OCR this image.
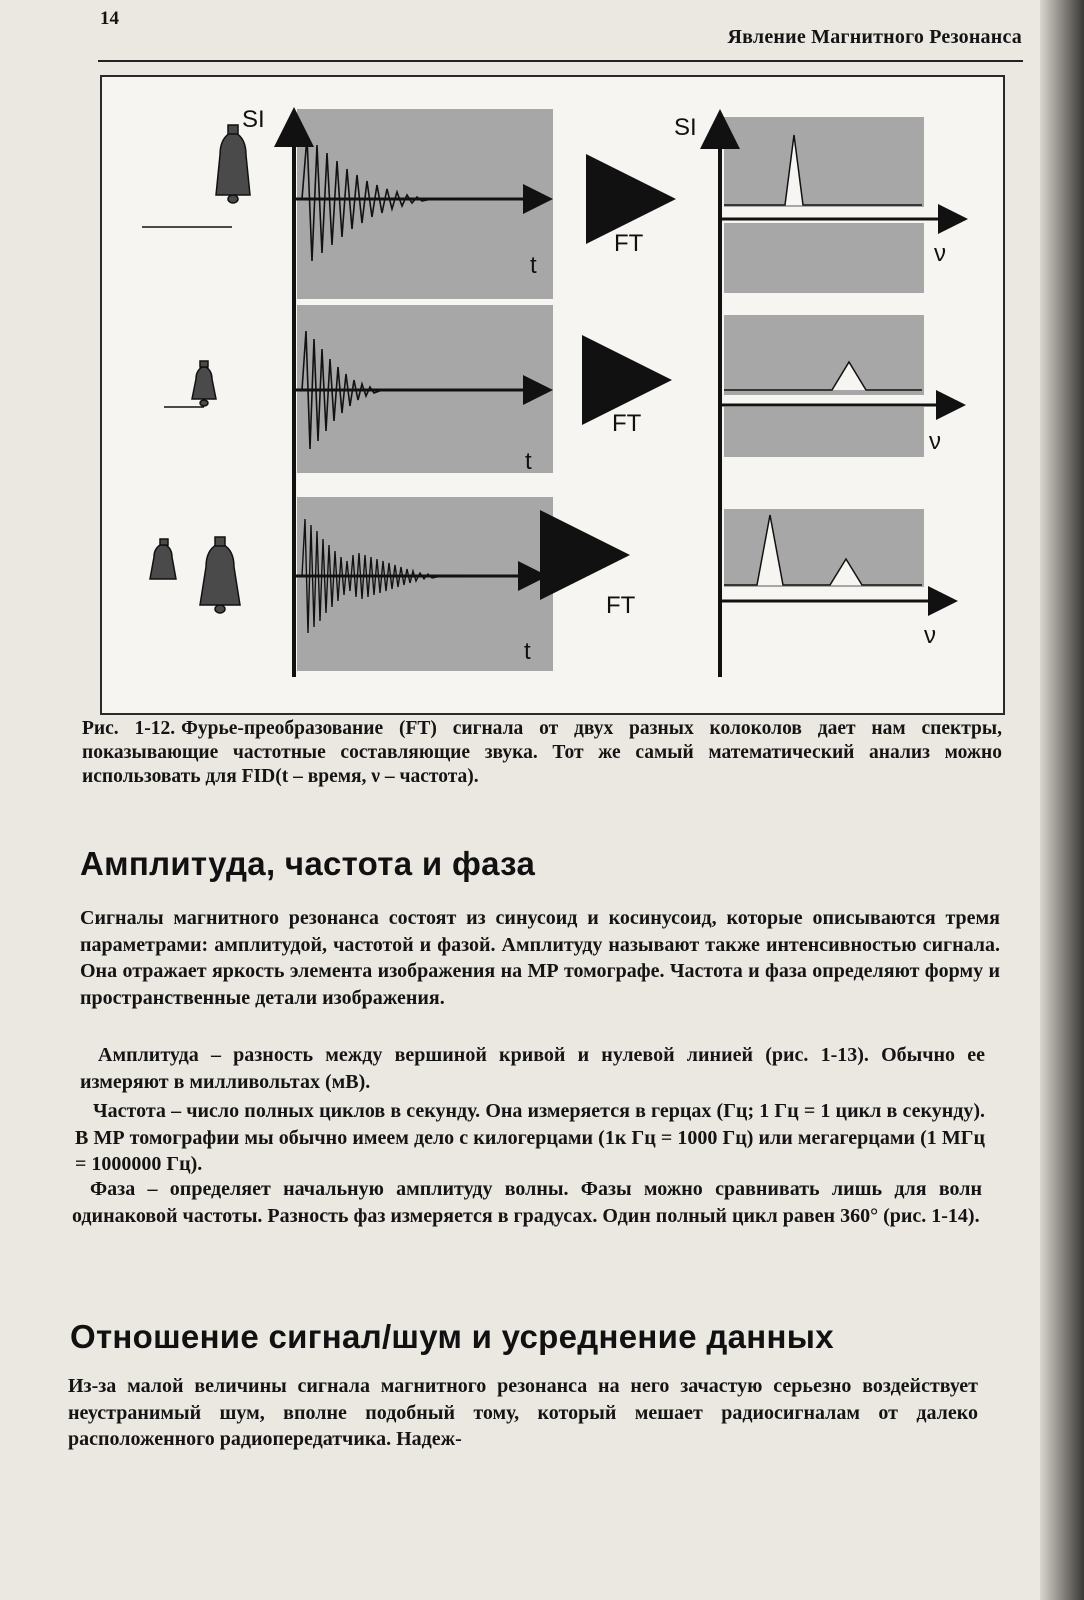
14
Явление Магнитного Резонанса
SI
t
t
t
FT
FT
FT
SI
ν
ν
ν
Рис. 1-12. Фурье-преобразование (FT) сигнала от двух разных колоколов дает нам спектры, показывающие частотные составляющие звука. Тот же самый математический анализ можно использовать для FID(t – время, ν – частота).
Амплитуда, частота и фаза

Сигналы магнитного резонанса состоят из синусоид и косинусоид, которые описываются тремя параметрами: амплитудой, частотой и фазой. Амплитуду называют также интенсивностью сигнала. Она отражает яркость элемента изображения на МР томографе. Частота и фаза определяют форму и пространственные детали изображения.

Амплитуда – разность между вершиной кривой и нулевой линией (рис. 1-13). Обычно ее измеряют в милливольтах (мВ).

Частота – число полных циклов в секунду. Она измеряется в герцах (Гц; 1 Гц = 1 цикл в секунду). В МР томографии мы обычно имеем дело с килогерцами (1к Гц = 1000 Гц) или мегагерцами (1 МГц = 1000000 Гц).

Фаза – определяет начальную амплитуду волны. Фазы можно сравнивать лишь для волн одинаковой частоты. Разность фаз измеряется в градусах. Один полный цикл равен 360° (рис. 1-14).

Отношение сигнал/шум и усреднение данных

Из-за малой величины сигнала магнитного резонанса на него зачастую серьезно воздействует неустранимый шум, вполне подобный тому, который мешает радиосигналам от далеко расположенного радиопередатчика. Надеж-
